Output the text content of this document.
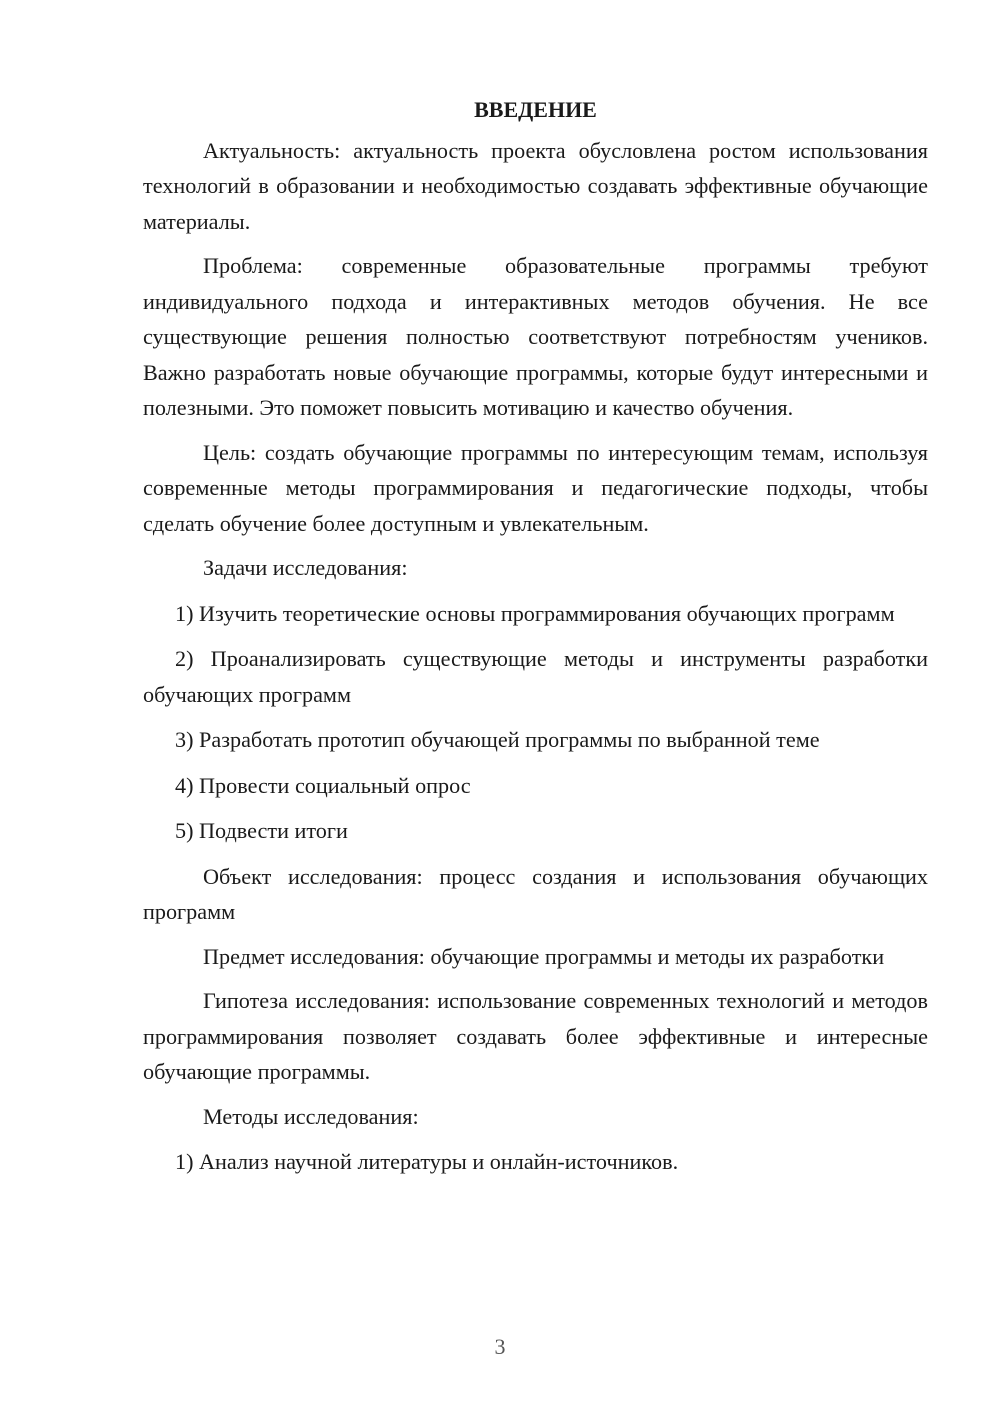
ВВЕДЕНИЕ

Актуальность: актуальность проекта обусловлена ростом использования технологий в образовании и необходимостью создавать эффективные обучающие материалы.

Проблема: современные образовательные программы требуют индивидуального подхода и интерактивных методов обучения. Не все существующие решения полностью соответствуют потребностям учеников. Важно разработать новые обучающие программы, которые будут интересными и полезными. Это поможет повысить мотивацию и качество обучения.

Цель: создать обучающие программы по интересующим темам, используя современные методы программирования и педагогические подходы, чтобы сделать обучение более доступным и увлекательным.

Задачи исследования:

1) Изучить теоретические основы программирования обучающих программ

2) Проанализировать существующие методы и инструменты разработки обучающих программ

3) Разработать прототип обучающей программы по выбранной теме

4) Провести социальный опрос

5) Подвести итоги

Объект исследования: процесс создания и использования обучающих программ

Предмет исследования: обучающие программы и методы их разработки

Гипотеза исследования: использование современных технологий и методов программирования позволяет создавать более эффективные и интересные обучающие программы.

Методы исследования:

1) Анализ научной литературы и онлайн-источников.

3
